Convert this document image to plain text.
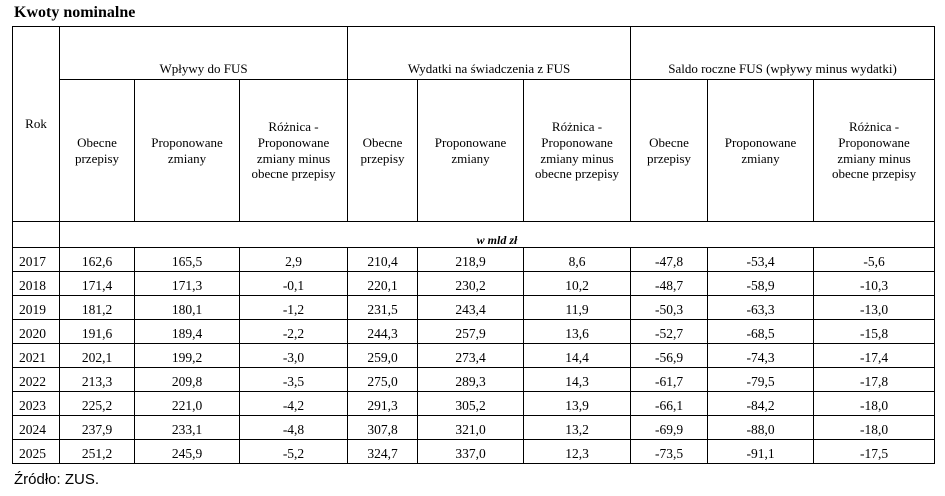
Kwoty nominalne
Rok	Wpływy do FUS			Wydatki na świadczenia z FUS			Saldo roczne FUS (wpływy minus wydatki)		
	Obecne przepisy	Proponowane zmiany	Różnica - Proponowane zmiany minus obecne przepisy	Obecne przepisy	Proponowane zmiany	Różnica - Proponowane zmiany minus obecne przepisy	Obecne przepisy	Proponowane zmiany	Różnica - Proponowane zmiany minus obecne przepisy
	w mld zł								
2017	162,6	165,5	2,9	210,4	218,9	8,6	-47,8	-53,4	-5,6
2018	171,4	171,3	-0,1	220,1	230,2	10,2	-48,7	-58,9	-10,3
2019	181,2	180,1	-1,2	231,5	243,4	11,9	-50,3	-63,3	-13,0
2020	191,6	189,4	-2,2	244,3	257,9	13,6	-52,7	-68,5	-15,8
2021	202,1	199,2	-3,0	259,0	273,4	14,4	-56,9	-74,3	-17,4
2022	213,3	209,8	-3,5	275,0	289,3	14,3	-61,7	-79,5	-17,8
2023	225,2	221,0	-4,2	291,3	305,2	13,9	-66,1	-84,2	-18,0
2024	237,9	233,1	-4,8	307,8	321,0	13,2	-69,9	-88,0	-18,0
2025	251,2	245,9	-5,2	324,7	337,0	12,3	-73,5	-91,1	-17,5
Źródło: ZUS.
